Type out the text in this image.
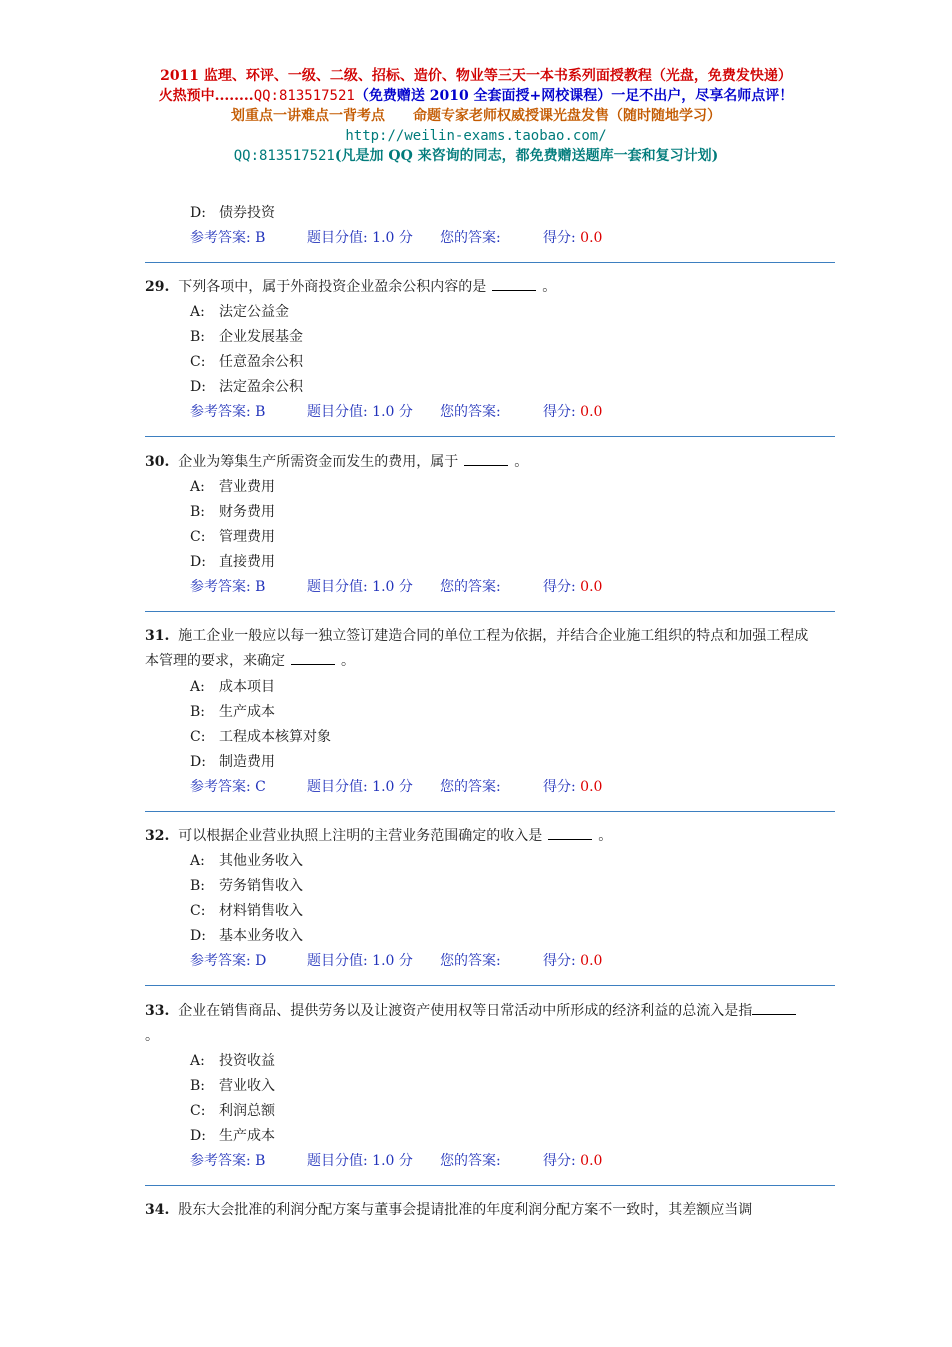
2011 监理、环评、一级、二级、招标、造价、物业等三天一本书系列面授教程（光盘，免费发快递）
火热预中........QQ:813517521（免费赠送 2010 全套面授+网校课程）一足不出户，尽享名师点评！
划重点一讲难点一背考点　　命题专家老师权威授课光盘发售（随时随地学习）
http://weilin-exams.taobao.com/
QQ:813517521(凡是加 QQ 来咨询的同志，都免费赠送题库一套和复习计划)
D: 债券投资
参考答案: B	题目分值: 1.0 分 您的答案:	得分: 0.0
29. 下列各项中，属于外商投资企业盈余公积内容的是	。
A: 法定公益金
B: 企业发展基金
C: 任意盈余公积
D: 法定盈余公积
参考答案: B	题目分值: 1.0 分 您的答案:	得分: 0.0
30. 企业为筹集生产所需资金而发生的费用，属于	。
A: 营业费用
B: 财务费用
C: 管理费用
D: 直接费用
参考答案: B	题目分值: 1.0 分 您的答案:	得分: 0.0
31. 施工企业一般应以每一独立签订建造合同的单位工程为依据，并结合企业施工组织的特点和加强工程成本管理的要求，来确定	。
A: 成本项目
B: 生产成本
C: 工程成本核算对象
D: 制造费用
参考答案: C	题目分值: 1.0 分 您的答案:	得分: 0.0
32. 可以根据企业营业执照上注明的主营业务范围确定的收入是	。
A: 其他业务收入
B: 劳务销售收入
C: 材料销售收入
D: 基本业务收入
参考答案: D	题目分值: 1.0 分 您的答案:	得分: 0.0
33. 企业在销售商品、提供劳务以及让渡资产使用权等日常活动中所形成的经济利益的总流入是指。
A: 投资收益
B: 营业收入
C: 利润总额
D: 生产成本
参考答案: B	题目分值: 1.0 分 您的答案:	得分: 0.0
34. 股东大会批准的利润分配方案与董事会提请批准的年度利润分配方案不一致时，其差额应当调
